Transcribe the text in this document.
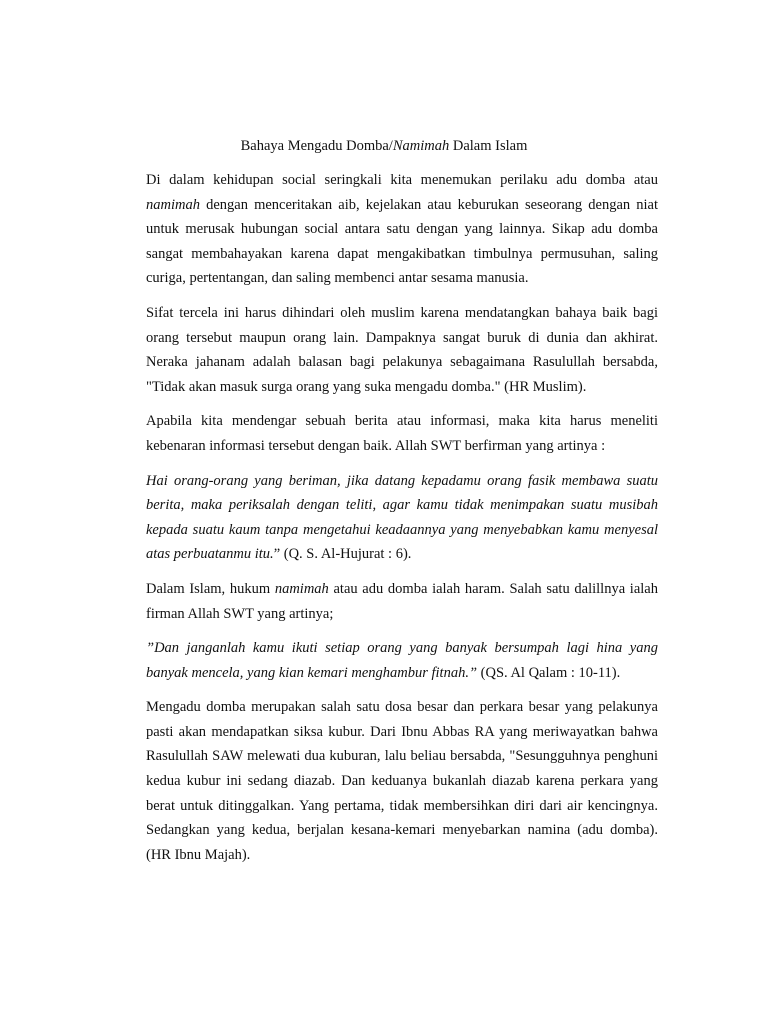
Bahaya Mengadu Domba/Namimah Dalam Islam

Di dalam kehidupan social seringkali kita menemukan perilaku adu domba atau namimah dengan menceritakan aib, kejelakan atau keburukan seseorang dengan niat untuk merusak hubungan social antara satu dengan yang lainnya. Sikap adu domba sangat membahayakan karena dapat mengakibatkan timbulnya permusuhan, saling curiga, pertentangan, dan saling membenci antar sesama manusia.

Sifat tercela ini harus dihindari oleh muslim karena mendatangkan bahaya baik bagi orang tersebut maupun orang lain. Dampaknya sangat buruk di dunia dan akhirat. Neraka jahanam adalah balasan bagi pelakunya sebagaimana Rasulullah bersabda, "Tidak akan masuk surga orang yang suka mengadu domba." (HR Muslim).

Apabila kita mendengar sebuah berita atau informasi, maka kita harus meneliti kebenaran informasi tersebut dengan baik. Allah SWT berfirman yang artinya :

Hai orang-orang yang beriman, jika datang kepadamu orang fasik membawa suatu berita, maka periksalah dengan teliti, agar kamu tidak menimpakan suatu musibah kepada suatu kaum tanpa mengetahui keadaannya yang menyebabkan kamu menyesal atas perbuatanmu itu.” (Q. S. Al-Hujurat : 6).

Dalam Islam, hukum namimah atau adu domba ialah haram. Salah satu dalillnya ialah firman Allah SWT yang artinya;

”Dan janganlah kamu ikuti setiap orang yang banyak bersumpah lagi hina yang banyak mencela, yang kian kemari menghambur fitnah.” (QS. Al Qalam : 10-11).

Mengadu domba merupakan salah satu dosa besar dan perkara besar yang pelakunya pasti akan mendapatkan siksa kubur. Dari Ibnu Abbas RA yang meriwayatkan bahwa Rasulullah SAW melewati dua kuburan, lalu beliau bersabda, "Sesungguhnya penghuni kedua kubur ini sedang diazab. Dan keduanya bukanlah diazab karena perkara yang berat untuk ditinggalkan. Yang pertama, tidak membersihkan diri dari air kencingnya. Sedangkan yang kedua, berjalan kesana-kemari menyebarkan namina (adu domba). (HR Ibnu Majah).
